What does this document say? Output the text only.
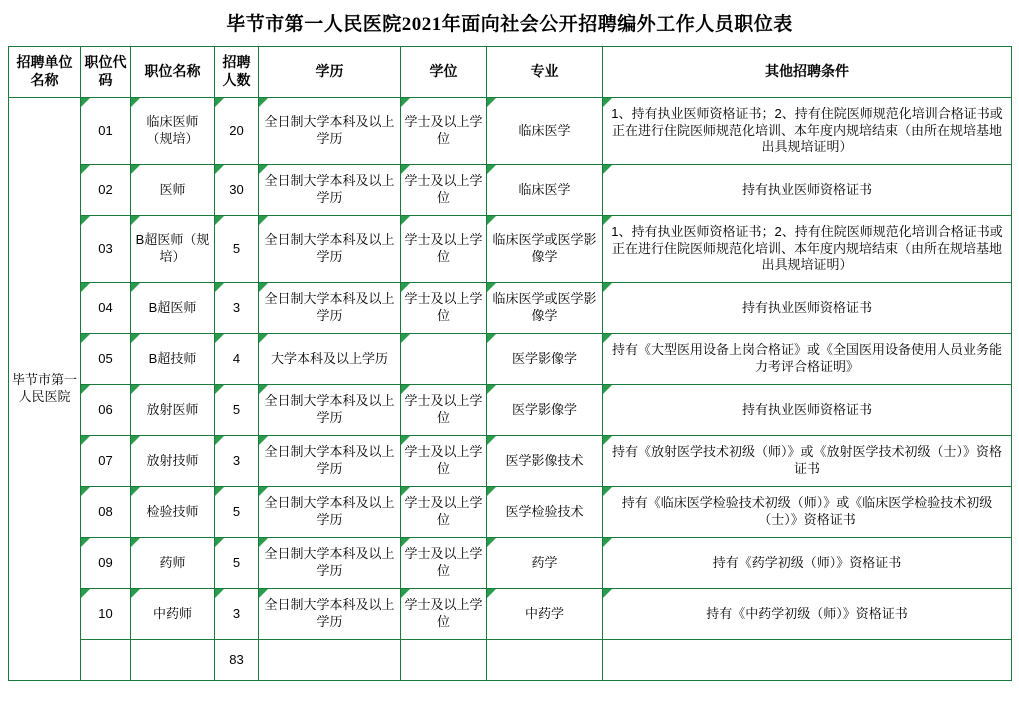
毕节市第一人民医院2021年面向社会公开招聘编外工作人员职位表
招聘单位名称	职位代码	职位名称	招聘人数	学历	学位	专业	其他招聘条件
毕节市第一人民医院	01	临床医师（规培）	20	全日制大学本科及以上学历	学士及以上学位	临床医学	1、持有执业医师资格证书；2、持有住院医师规范化培训合格证书或正在进行住院医师规范化培训、本年度内规培结束（由所在规培基地出具规培证明）
	02	医师	30	全日制大学本科及以上学历	学士及以上学位	临床医学	持有执业医师资格证书
	03	B超医师（规培）	5	全日制大学本科及以上学历	学士及以上学位	临床医学或医学影像学	1、持有执业医师资格证书；2、持有住院医师规范化培训合格证书或正在进行住院医师规范化培训、本年度内规培结束（由所在规培基地出具规培证明）
	04	B超医师	3	全日制大学本科及以上学历	学士及以上学位	临床医学或医学影像学	持有执业医师资格证书
	05	B超技师	4	大学本科及以上学历		医学影像学	持有《大型医用设备上岗合格证》或《全国医用设备使用人员业务能力考评合格证明》
	06	放射医师	5	全日制大学本科及以上学历	学士及以上学位	医学影像学	持有执业医师资格证书
	07	放射技师	3	全日制大学本科及以上学历	学士及以上学位	医学影像技术	持有《放射医学技术初级（师）》或《放射医学技术初级（士）》资格证书
	08	检验技师	5	全日制大学本科及以上学历	学士及以上学位	医学检验技术	持有《临床医学检验技术初级（师）》或《临床医学检验技术初级（士）》资格证书
	09	药师	5	全日制大学本科及以上学历	学士及以上学位	药学	持有《药学初级（师）》资格证书
	10	中药师	3	全日制大学本科及以上学历	学士及以上学位	中药学	持有《中药学初级（师）》资格证书
			83				
